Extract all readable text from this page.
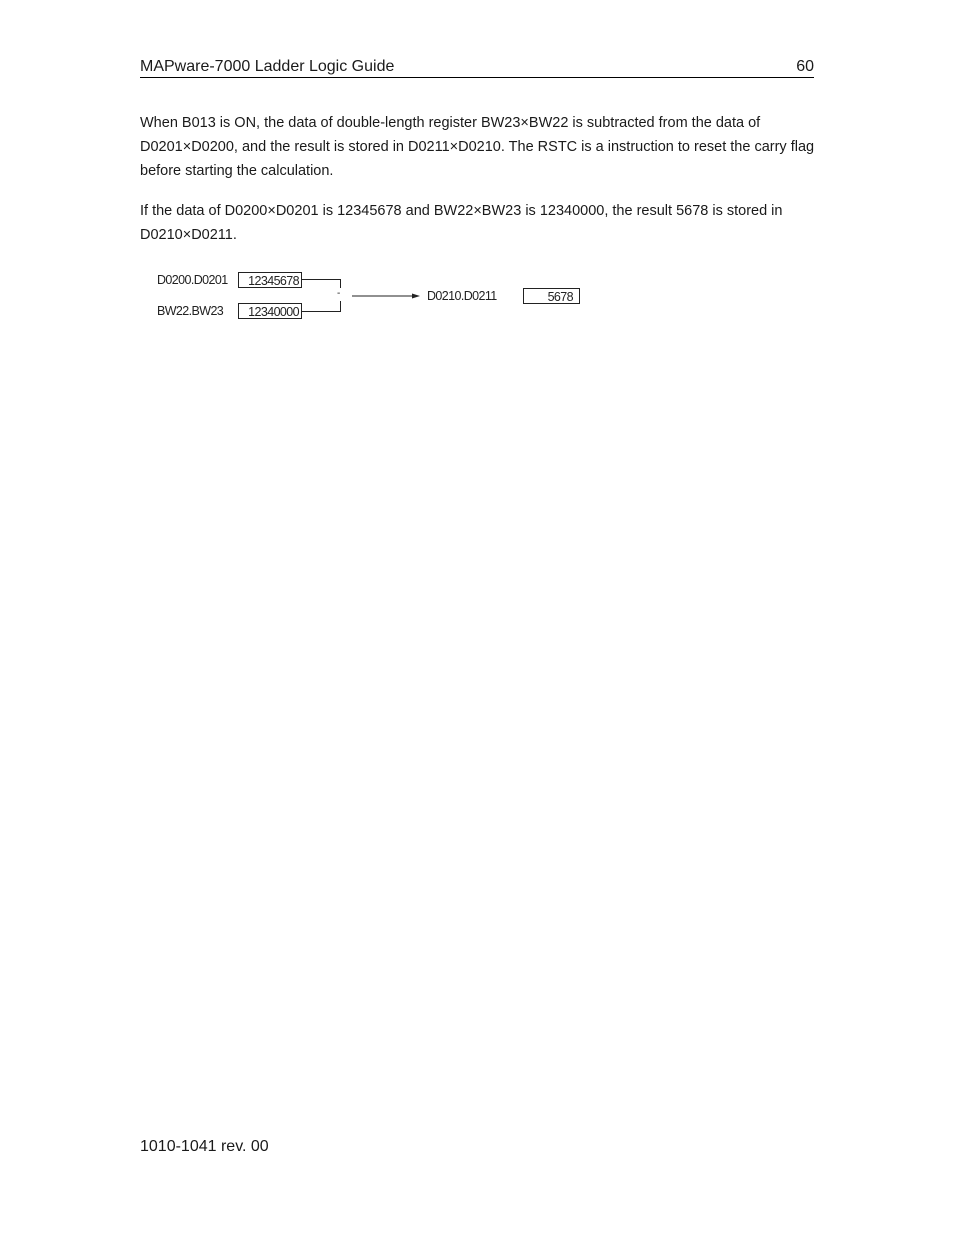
MAPware-7000 Ladder Logic Guide	60

When B013 is ON, the data of double-length register BW23×BW22 is subtracted from the data of D0201×D0200, and the result is stored in D0211×D0210. The RSTC is a instruction to reset the carry flag before starting the calculation.

If the data of D0200×D0201 is 12345678 and BW22×BW23 is 12340000, the result 5678 is stored in D0210×D0211.

D0200.D0201	12345678
BW22.BW23	12340000
-	D0210.D0211	5678
1010-1041 rev. 00
